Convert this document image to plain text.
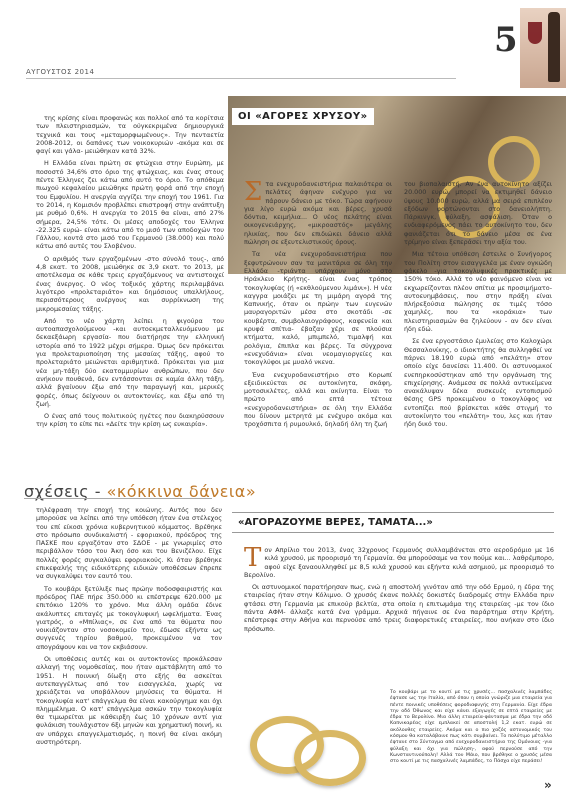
ΑΥΓΟΥΣΤΟΣ 2014
5

της κρίσης είναι προφανώς και πολλοί από τα κορίτσια των πλειστηριασμών, τα ούγκεκριμένα δημιουργικά τεχνικά και τους «μεταμορφωμένους». Την πενταετία 2008-2012, οι δαπάνες των νοικοκυριών -ακόμα και σε φαγί και γάλα- μειώθηκαν κατά 32%.

Η Ελλάδα είναι πρώτη σε φτώχεια στην Ευρώπη, με ποσοστό 34,6% στο όριο της φτώχειας, και ένας στους πέντε Έλληνες ζει κάτω από αυτό το όριο. Το απόθεμα πιωχού κεφαλαίου μειώθηκε πρώτη φορά από την εποχή του Εμφυλίου. Η ανεργία αγγίζει την εποχή του 1961. Για το 2014, η Κομισιόν προβλέπει επιστροφή στην ανάπτυξη με ρυθμό 0,6%. Η ανεργία το 2015 θα είναι, από 27% σήμερα, 24,5% τότε. Οι μέσες αποδοχές του Έλληνα -22.325 ευρώ- είναι κάτω από το μισό των αποδοχών του Γάλλου, κοντά στο μισό του Γερμανού (38.000) και πολύ κάτω από αυτές του Σλοβένου.

Ο αριθμός των εργαζομένων -στο σύνολό τους-, από 4,8 εκατ. το 2008, μειώθηκε σε 3,9 εκατ. το 2013, με αποτέλεσμα σε κάθε τρεις εργαζόμενους να αντιστοιχεί ένας άνεργος. Ο νέος τοξικός χάρτης περιλαμβάνει λιγότερο «προλεταριάτο» και δημόσιους υπαλλήλους, περισσότερους ανέργους και συρρίκνωση της μικρομεσαίας τάξης.

Από το νέο χάρτη λείπει η φιγούρα του αυτοαπασχολούμενου -και αυτοεκμεταλλευόμενου με δεκαεξάωρη εργασία- που διατήρησε την ελληνική ιστορία από το 1922 μέχρι σήμερα. Όμως δεν πρόκειται για προλεταριοποίηση της μεσαίας τάξης, αφού το προλεταριάτο μειώνεται αριθμητικά. Πρόκειται για μια νέα μη-τάξη δύο εκατομμυρίων ανθρώπων, που δεν ανήκουν πουθενά, δεν εντάσσονται σε καμία άλλη τάξη, αλλά βγαίνουν έξω από την παραγωγή και, μερικές φορές, όπως δείχνουν οι αυτοκτονίες, και έξω από τη ζωή.

Ο ένας από τους πολιτικούς ηγέτες που διακηρύσσουν την κρίση το είπε πει «Δείτε την κρίση ως ευκαιρία».

ΟΙ «ΑΓΟΡΕΣ ΧΡΥΣΟΥ»
Σ τα ενεχυροδανειστήρια παλαιότερα οι πελάτες άφηναν ενέχυρο για να πάρουν δάνειο με τόκο. Τώρα αφήνουν για λίγο ευρώ ακόμα και βέρες, χρυσά δόντια, κειμήλια... Ο νέος πελάτης είναι οικογενειάρχης, «μικροαστός» μεγάλης ηλικίας, που δεν επιδιώκει δάνειο αλλά πώληση σε εξευτελιστικούς όρους.

Τα νέα ενεχυροδανειστήρια που ξεφυτρώνουν σαν τα μανιτάρια σε όλη την Ελλάδα -τριάντα υπάρχουν μόνο στο Ηράκλειο Κρήτης- είναι ένας τρόπος τοκογλυφίας (ή «εκθλούμενου λιμάνι»). Η νέα καγγρα μοιάζει με τη μιμάρη αγορά της Καπνικής, όταν οι πρώην των ευγενών μαυραγοριτών μέσα στο σκοτάδι -σε κουβέρτα, συμβολαιογράφους, καφενεία και κρυφά σπίτια- έβαζαν χέρι σε πλούσια κτήματα, καλό, μπιμπελό, τιμαλφή και ρολόγια, έπιπλα και βέρες. Τα σύγχρονα «ενεχυδάνια» είναι νεομαγιοργείες και τοκογλύφοι με μυαλό νκενα.

Ένα ενεχυροδανειστήριο στο Κορωπί εξειδικεύεται σε αυτοκίνητα, σκάφη, μοτοσικλέτες, αλλά και ακίνητα. Είναι το πρώτο από επτά τέτοια «ενεχυροδανειστήρια» σε όλη την Ελλάδα που δίνουν μετρητά με ενέχυρο ακόμα και τροχόσπιτα ή ρυμουλκό, δηλαδή όλη τη ζωή

του βιοπαλαιστή. Αν ένα αυτοκίνητο αξίζει 20.000 ευρώ, μπορεί να εκτιμηθεί δάνειο ύψους 10.000 ευρώ, αλλά μα σειρά επιπλέον εξόδων φορτώνονται στο δανειολήπτη. Πάρκινγκ, φύλαξη, ασφάλιση. Όταν ο ενδιαφερόμενος πάει το αυτοκίνητο του, δεν φανιάζεται ότι το δάνειο μέσα σε ένα τρίμηνο είναι ξεπεράσει την αξία του.

Μια τέτοια υπόθεση έστειλε ο Συνήγορος του Πολίτη στον εισαγγελέα με έναν ογκώδη φάκελο -για τοκογλυφικές πρακτικές με 150% τόκο. Αλλά το νέο φαινόμενο είναι να εκχωρείζονται πλέον σπίτια με προσιμήματο-αυτοευημβάσεις, που στην πράξη είναι πλήρεξούσια πώλησης σε τιμές τόσο χαμηλές, που τα «κοράκια» των πλειστηριασμών θα ζηλεύουν - αν δεν είναι ήδη εδώ.

Σε ένα εργοστάσιο έμυλείας στο Καλοχώρι Θεσσαλονίκης, ο ιδιοκτήτης θα συλληφθεί να πάρνει 18.190 ευρώ από «πελάτη» στον οποίο είχε δανείσει 11.400. Οι αστυνομικοί ενεπηρκοσύστηκαν από την οργάνωση της επιχείρησης. Ανάμεσα σε πολλά αντικείμενα ανακάλυψαν δέκα συσκευές εντοπισμού θέσης GPS προκειμένου ο τοκογλύφος να εντοπίζει πού βρίσκεται κάθε στιγμή το αυτοκίνητο του «πελάτη» του, λες και ήταν ήδη δικό του.

σχέσεις - «κόκκινα δάνεια»

τηλέφραση την εποχή της κοιώνης. Αυτός που δεν μπορούσε να λείπει από την υπόθεση ήταν ένα στέλεχος του επί είκοσι χρόνια κυβερνητικού κόμματος. Βρέθηκε στο πρόσωπο συνδικαλιστή - εφοριακού, πρόεδρος της ΠΑΣΚΕ που εργαζόταν στο ΣΔΟΕ - με γνωριμίες στο περιβάλλον τόσο του Άκη όσο και του Βενιζέλου. Είχε πολλές φορές συγκαλύψει εφοριακούς. Κι όταν βρέθηκε επικεφαλής της ειδικότερης ειδικών υποθέσεων έπρεπε να συγκαλύψει τον εαυτό του.

Το κουβάρι ξετύλιξε πως πρώην ποδοσφαιριστής και πρόεδρος ΠΑΕ πήρε 350.000 κι επέστρεψε 620.000 με επιτόκιο 120% το χρόνο. Μια άλλη ομάδα έδινε ακάλυπτες επιταγές με τοκογλυφική ωφελήματα. Ένας γιατρός, ο «Μπίλιας», σε ένα από τα θύματα που νοικιάζονταν στο νοσοκομείο του, έδωσε εξήντα ως συγγενές τηρίου βαθμού, προκειμένου να τον απογράψουν και να τον εκβιάσουν.

Οι υποθέσεις αυτές και οι αυτοκτονίες προκάλεσαν αλλαγή της νομοθεσίας, που ήταν αμετάβλητη από το 1951. Η ποινική δίωξη στο εξής θα ασκείται αυτεπαγγέλτως από τον εισαγγελέα, χωρίς να χρειάζεται να υποβάλλουν μηνύσεις τα θύματα. Η τοκογλυφία κατ' επάγγελμα θα είναι κακούργημα και όχι πλημμέλημα. Ο κατ' επάγγελμα ασκών την τοκογλυφία θα τιμωρείται με κάθειρξη έως 10 χρόνων αντί για φυλάκιση τουλάχιστον 6ξι μηνών και χρηματική ποινή, κι αν υπάρχει επαγγελματισμός, η ποινή θα είναι ακόμη αυστηρότερη.

«ΑΓΟΡΑΖΟΥΜΕ ΒΕΡΕΣ, ΤΑΜΑΤΑ...»
Τ ον Απρίλιο του 2013, ένας 32χρονος Γερμανός συλλαμβάνεται στο αεροδρόμιο με 16 κιλά χρυσού, με προορισμό τη Γερμανία. Θα μπορούσαμε να τον πούμε και... λαθρέμπορο, αφού είχε ξαναουλληφθεί με 8,5 κιλά χρυσού και εξήντα κιλά ασημιού, με προορισμό το Βερολίνο.

Οι αστυνομικοί παρατήρησαν πως, ενώ η αποστολή γινόταν από την οδό Ερμού, η έδρα της εταιρείας ήταν στην Κόλιμνο. Ο χρυσός έκανε πολλές δοκιστές διαδρομές στην Ελλάδα πριν φτάσει στη Γερμανία με επικούρ βελτία, στα οποία η επιτωμάμα της εταιρείας -με τον ίδιο πάντα ΑΦΜ- άλλαζε κατά ένα γράμμα. Αρχικά πήγαινε σε ένα παράρτημα στην Κρήτη, επέστρεφε στην Αθήνα και περνούσε από τρεις διαφορετικές εταιρείες, που ανήκαν στο ίδιο πρόσωπο.

Το κουβάρι με το κουτί με τις χρυσές... πασχαλινές λαμπάδες έφτασε ως την Ιταλία, από όπου η οποία γνώριζε μια εταιρεία για πέντε ποινικές υποθέσεις φοροδιαφυγής στη Γερμανία. Είχε έδρα την οδό Όθωνος και είχε κάνει εξαγωγές σε επτά εταιρείες με έδρα το Βερολίνο. Μια άλλη εταιρεία-φάντασμα με έδρα την οδό Καπνικαρέας είχε εμπλακεί σε αποστολή 1,2 εκατ. ευρώ σε ακόλουθες εταιρείες. Ακόμα και ο πιο χαζός αστυνομικός του κόσμου θα καταλάβαινε πως κάτι συμβαίνει. Το πολύτιμο μέταλλο έφτανε στο Σύνταγμα από ενεχυροδανειστήρια της Ομόνοιας -για φύλαξη και όχι για πώληση-, αφού περνούσε από την Κωνσταντινούπολη! Αλλά τον Μάιο, που βρέθηκε ο χρυσός μέσα στο κουτί με τις πασχαλινές λαμπάδες, το Πάσχα είχε περάσει!

»
